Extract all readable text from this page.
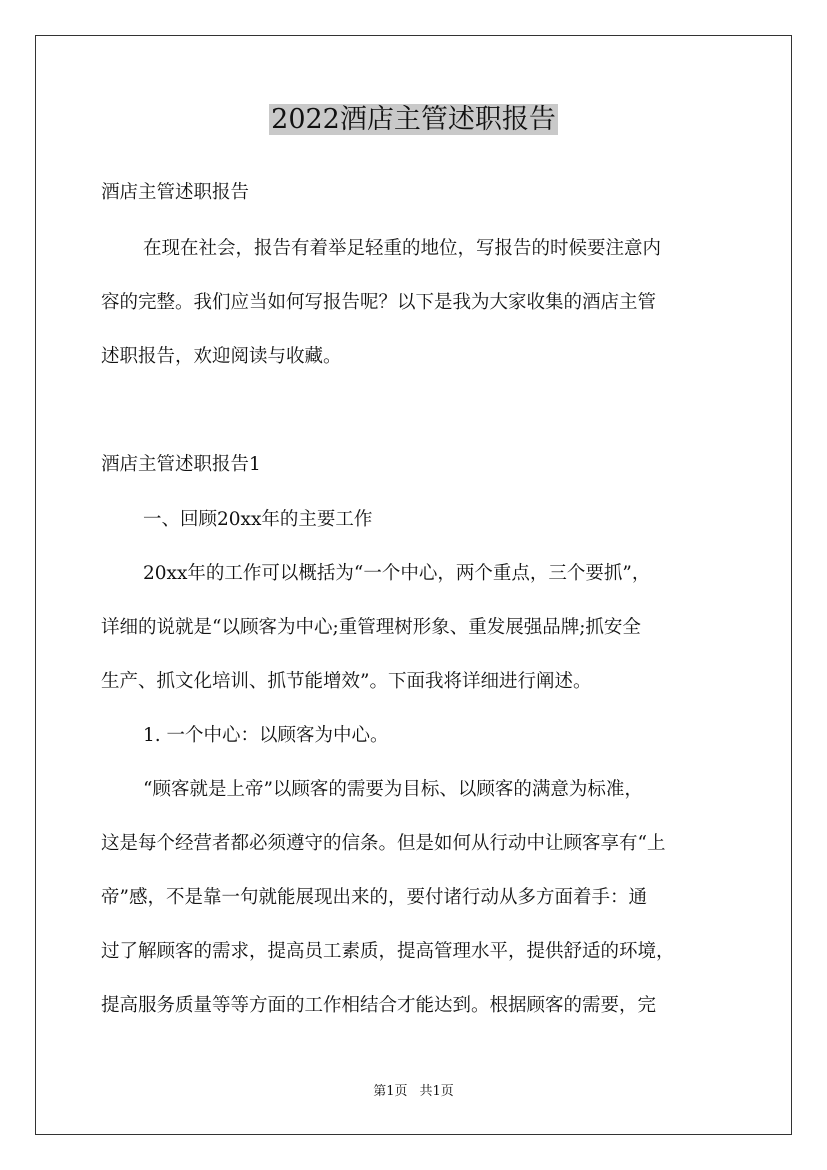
2022酒店主管述职报告
酒店主管述职报告
在现在社会，报告有着举足轻重的地位，写报告的时候要注意内
容的完整。我们应当如何写报告呢？以下是我为大家收集的酒店主管
述职报告，欢迎阅读与收藏。
酒店主管述职报告1
一、回顾20xx年的主要工作
20xx年的工作可以概括为“一个中心，两个重点，三个要抓”，
详细的说就是“以顾客为中心;重管理树形象、重发展强品牌;抓安全
生产、抓文化培训、抓节能增效”。下面我将详细进行阐述。
1. 一个中心：以顾客为中心。
“顾客就是上帝”以顾客的需要为目标、以顾客的满意为标准，
这是每个经营者都必须遵守的信条。但是如何从行动中让顾客享有“上
帝”感，不是靠一句就能展现出来的，要付诸行动从多方面着手：通
过了解顾客的需求，提高员工素质，提高管理水平，提供舒适的环境，
提高服务质量等等方面的工作相结合才能达到。根据顾客的需要，完
第1页 共1页
